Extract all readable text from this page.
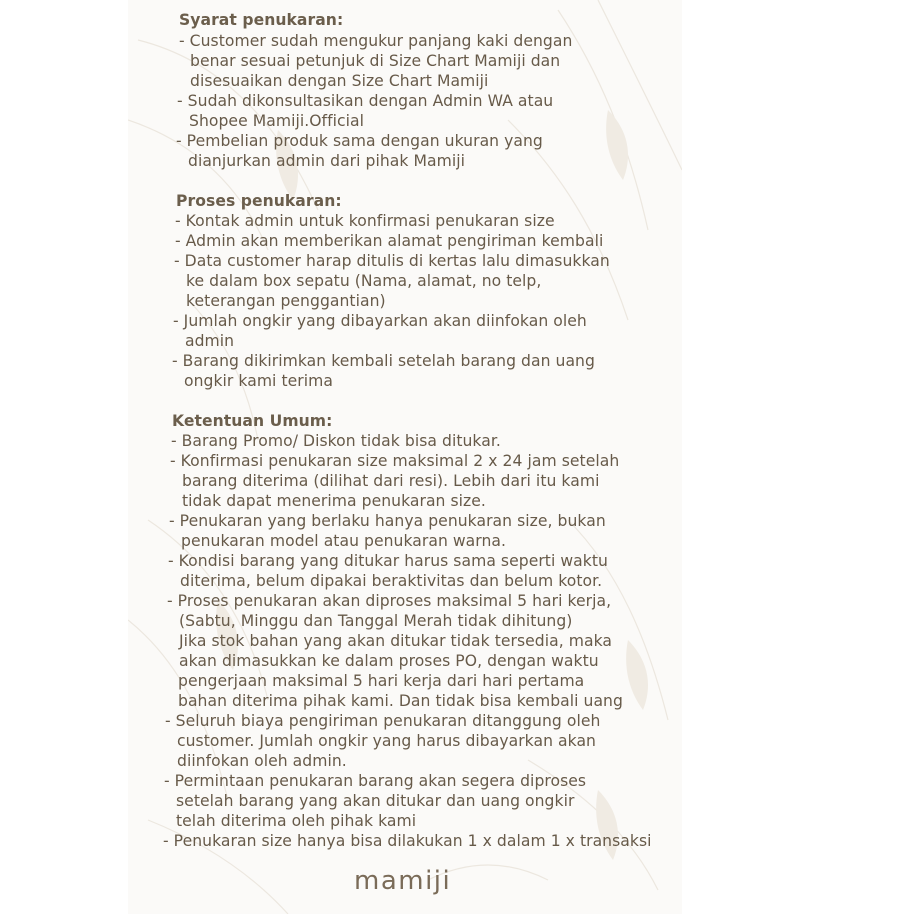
Syarat penukaran:
- Customer sudah mengukur panjang kaki dengan
benar sesuai petunjuk di Size Chart Mamiji dan
disesuaikan dengan Size Chart Mamiji
- Sudah dikonsultasikan dengan Admin WA atau
Shopee Mamiji.Official
- Pembelian produk sama dengan ukuran yang
dianjurkan admin dari pihak Mamiji
Proses penukaran:
- Kontak admin untuk konfirmasi penukaran size
- Admin akan memberikan alamat pengiriman kembali
- Data customer harap ditulis di kertas lalu dimasukkan
ke dalam box sepatu (Nama, alamat, no telp,
keterangan penggantian)
- Jumlah ongkir yang dibayarkan akan diinfokan oleh
admin
- Barang dikirimkan kembali setelah barang dan uang
ongkir kami terima
Ketentuan Umum:
- Barang Promo/ Diskon tidak bisa ditukar.
- Konfirmasi penukaran size maksimal 2 x 24 jam setelah
barang diterima (dilihat dari resi). Lebih dari itu kami
tidak dapat menerima penukaran size.
- Penukaran yang berlaku hanya penukaran size, bukan
penukaran model atau penukaran warna.
- Kondisi barang yang ditukar harus sama seperti waktu
diterima, belum dipakai beraktivitas dan belum kotor.
- Proses penukaran akan diproses maksimal 5 hari kerja,
(Sabtu, Minggu dan Tanggal Merah tidak dihitung)
Jika stok bahan yang akan ditukar tidak tersedia, maka
akan dimasukkan ke dalam proses PO, dengan waktu
pengerjaan maksimal 5 hari kerja dari hari pertama
bahan diterima pihak kami. Dan tidak bisa kembali uang
- Seluruh biaya pengiriman penukaran ditanggung oleh
customer. Jumlah ongkir yang harus dibayarkan akan
diinfokan oleh admin.
- Permintaan penukaran barang akan segera diproses
setelah barang yang akan ditukar dan uang ongkir
telah diterima oleh pihak kami
- Penukaran size hanya bisa dilakukan 1 x dalam 1 x transaksi
mamiji
